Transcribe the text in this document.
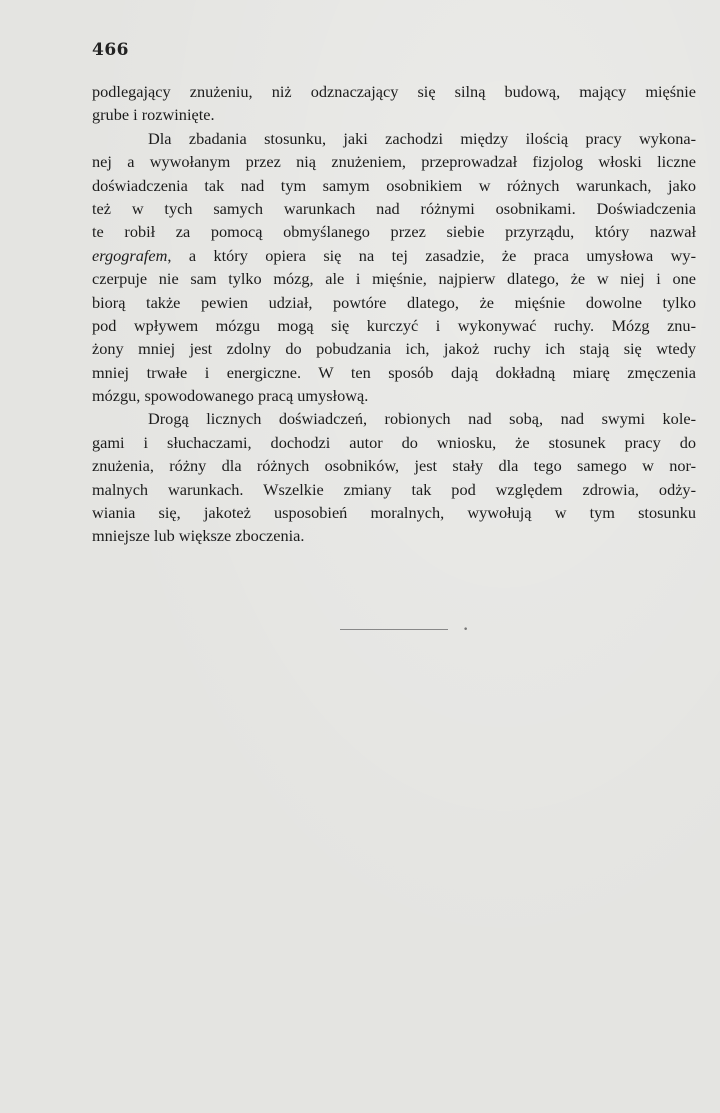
466
podlegający znużeniu, niż odznaczający się silną budową, mający mięśnie
grube i rozwinięte.
Dla zbadania stosunku, jaki zachodzi między ilością pracy wykona-
nej a wywołanym przez nią znużeniem, przeprowadzał fizjolog włoski liczne
doświadczenia tak nad tym samym osobnikiem w różnych warunkach, jako
też w tych samych warunkach nad różnymi osobnikami. Doświadczenia
te robił za pomocą obmyślanego przez siebie przyrządu, który nazwał
ergografem, a który opiera się na tej zasadzie, że praca umysłowa wy-
czerpuje nie sam tylko mózg, ale i mięśnie, najpierw dlatego, że w niej i one
biorą także pewien udział, powtóre dlatego, że mięśnie dowolne tylko
pod wpływem mózgu mogą się kurczyć i wykonywać ruchy. Mózg znu-
żony mniej jest zdolny do pobudzania ich, jakoż ruchy ich stają się wtedy
mniej trwałe i energiczne. W ten sposób dają dokładną miarę zmęczenia
mózgu, spowodowanego pracą umysłową.
Drogą licznych doświadczeń, robionych nad sobą, nad swymi kole-
gami i słuchaczami, dochodzi autor do wniosku, że stosunek pracy do
znużenia, różny dla różnych osobników, jest stały dla tego samego w nor-
malnych warunkach. Wszelkie zmiany tak pod względem zdrowia, odży-
wiania się, jakoteż usposobień moralnych, wywołują w tym stosunku
mniejsze lub większe zboczenia.
•
